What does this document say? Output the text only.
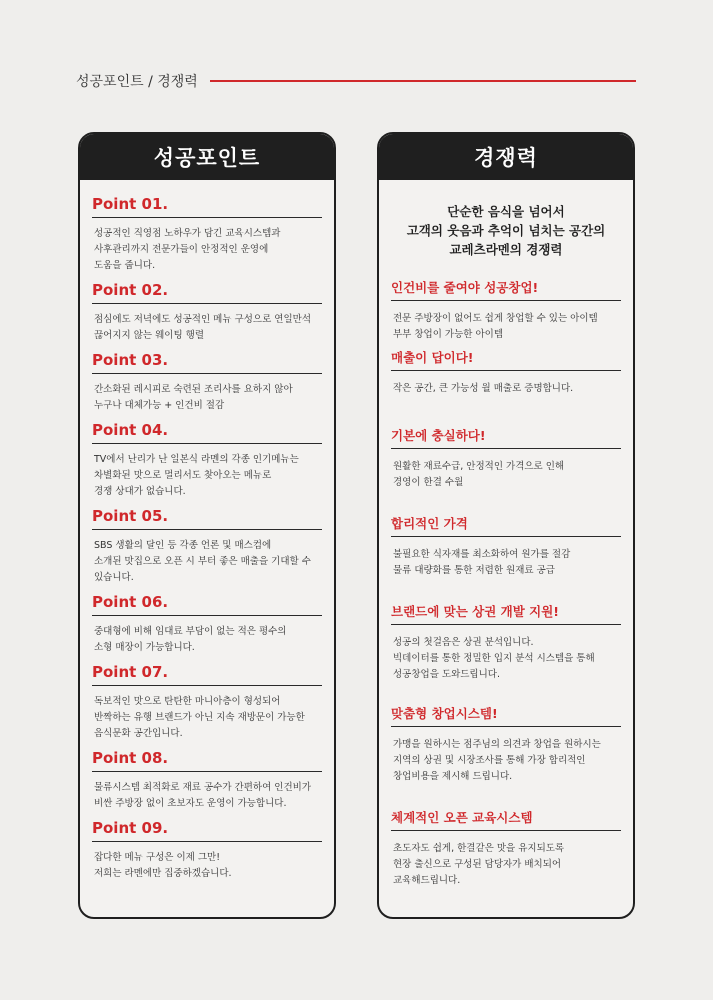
성공포인트 / 경쟁력
성공포인트
Point 01.
성공적인 직영점 노하우가 담긴 교육시스템과
사후관리까지 전문가들이 안정적인 운영에
도움을 줍니다.
Point 02.
점심에도 저녁에도 성공적인 메뉴 구성으로 연일만석
끊어지지 않는 웨이팅 행렬
Point 03.
간소화된 레시피로 숙련된 조리사를 요하지 않아
누구나 대체가능 + 인건비 절감
Point 04.
TV에서 난리가 난 일본식 라멘의 각종 인기메뉴는
차별화된 맛으로 멀리서도 찾아오는 메뉴로
경쟁 상대가 없습니다.
Point 05.
SBS 생활의 달인 등 각종 언론 및 매스컴에
소개된 맛집으로 오픈 시 부터 좋은 매출을 기대할 수
있습니다.
Point 06.
중대형에 비해 임대료 부담이 없는 적은 평수의
소형 매장이 가능합니다.
Point 07.
독보적인 맛으로 탄탄한 마니아층이 형성되어
반짝하는 유행 브랜드가 아닌 지속 재방문이 가능한
음식문화 공간입니다.
Point 08.
물류시스템 최적화로 재료 공수가 간편하여 인건비가
비싼 주방장 없이 초보자도 운영이 가능합니다.
Point 09.
잡다한 메뉴 구성은 이제 그만!
저희는 라멘에만 집중하겠습니다.
경쟁력
단순한 음식을 넘어서
고객의 웃음과 추억이 넘치는 공간의
교레츠라멘의 경쟁력
인건비를 줄여야 성공창업!
전문 주방장이 없어도 쉽게 창업할 수 있는 아이템
부부 창업이 가능한 아이템
매출이 답이다!
작은 공간, 큰 가능성 월 매출로 증명합니다.
기본에 충실하다!
원활한 재료수급, 안정적인 가격으로 인해
경영이 한결 수월
합리적인 가격
불필요한 식자재를 최소화하여 원가를 절감
물류 대량화를 통한 저렴한 원재료 공급
브랜드에 맞는 상권 개발 지원!
성공의 첫걸음은 상권 분석입니다.
빅데이터를 통한 정밀한 입지 분석 시스템을 통해
성공창업을 도와드립니다.
맞춤형 창업시스템!
가맹을 원하시는 점주님의 의견과 창업을 원하시는
지역의 상권 및 시장조사를 통해 가장 합리적인
창업비용을 제시해 드립니다.
체계적인 오픈 교육시스템
초도자도 쉽게, 한결같은 맛을 유지되도록
현장 출신으로 구성된 담당자가 배치되어
교육해드립니다.
